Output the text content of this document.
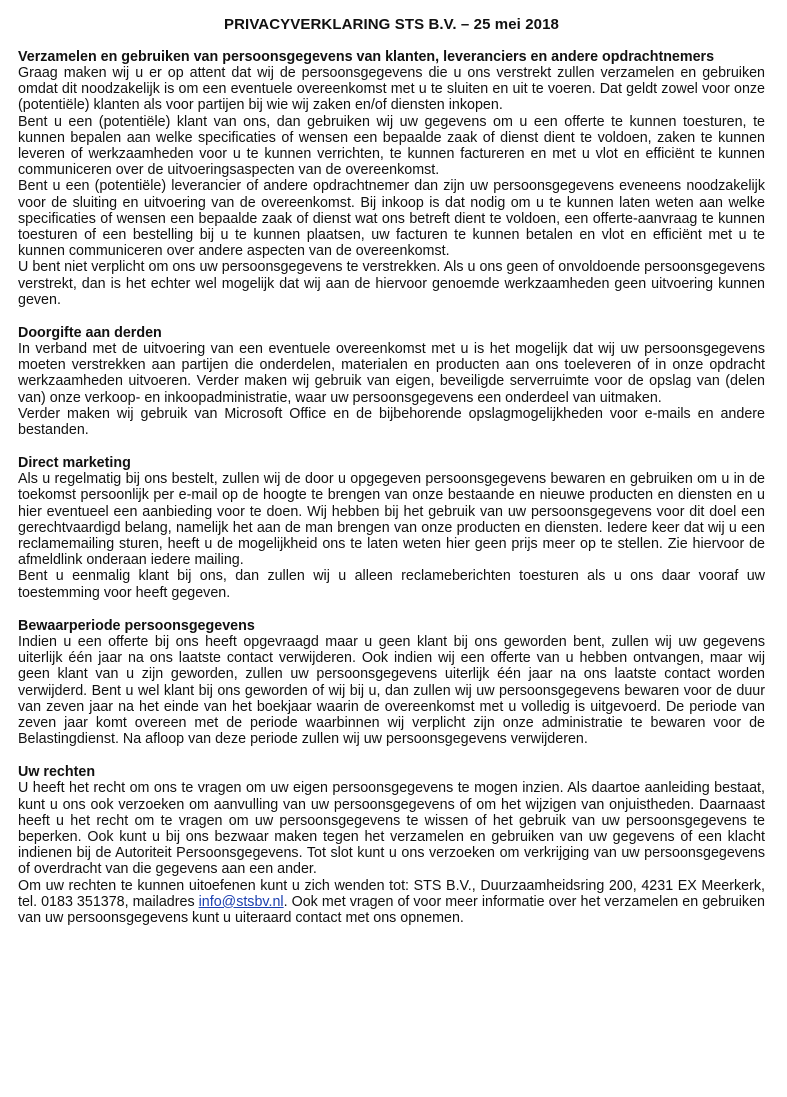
PRIVACYVERKLARING STS B.V. – 25 mei 2018
Verzamelen en gebruiken van persoonsgegevens van klanten, leveranciers en andere opdrachtnemers

Graag maken wij u er op attent dat wij de persoonsgegevens die u ons verstrekt zullen verzamelen en gebruiken omdat dit noodzakelijk is om een eventuele overeenkomst met u te sluiten en uit te voeren. Dat geldt zowel voor onze (potentiële) klanten als voor partijen bij wie wij zaken en/of diensten inkopen.

Bent u een (potentiële) klant van ons, dan gebruiken wij uw gegevens om u een offerte te kunnen toesturen, te kunnen bepalen aan welke specificaties of wensen een bepaalde zaak of dienst dient te voldoen, zaken te kunnen leveren of werkzaamheden voor u te kunnen verrichten, te kunnen factureren en met u vlot en efficiënt te kunnen communiceren over de uitvoeringsaspecten van de overeenkomst.

Bent u een (potentiële) leverancier of andere opdrachtnemer dan zijn uw persoonsgegevens eveneens noodzakelijk voor de sluiting en uitvoering van de overeenkomst. Bij inkoop is dat nodig om u te kunnen laten weten aan welke specificaties of wensen een bepaalde zaak of dienst wat ons betreft dient te voldoen, een offerte-aanvraag te kunnen toesturen of een bestelling bij u te kunnen plaatsen, uw facturen te kunnen betalen en vlot en efficiënt met u te kunnen communiceren over andere aspecten van de overeenkomst.

U bent niet verplicht om ons uw persoonsgegevens te verstrekken. Als u ons geen of onvoldoende persoonsgegevens verstrekt, dan is het echter wel mogelijk dat wij aan de hiervoor genoemde werkzaamheden geen uitvoering kunnen geven.

Doorgifte aan derden

In verband met de uitvoering van een eventuele overeenkomst met u is het mogelijk dat wij uw persoonsgegevens moeten verstrekken aan partijen die onderdelen, materialen en producten aan ons toeleveren of in onze opdracht werkzaamheden uitvoeren. Verder maken wij gebruik van eigen, beveiligde serverruimte voor de opslag van (delen van) onze verkoop- en inkoopadministratie, waar uw persoonsgegevens een onderdeel van uitmaken.

Verder maken wij gebruik van Microsoft Office en de bijbehorende opslagmogelijkheden voor e-mails en andere bestanden.

Direct marketing

Als u regelmatig bij ons bestelt, zullen wij de door u opgegeven persoonsgegevens bewaren en gebruiken om u in de toekomst persoonlijk per e-mail op de hoogte te brengen van onze bestaande en nieuwe producten en diensten en u hier eventueel een aanbieding voor te doen. Wij hebben bij het gebruik van uw persoonsgegevens voor dit doel een gerechtvaardigd belang, namelijk het aan de man brengen van onze producten en diensten. Iedere keer dat wij u een reclamemailing sturen, heeft u de mogelijkheid ons te laten weten hier geen prijs meer op te stellen. Zie hiervoor de afmeldlink onderaan iedere mailing.

Bent u eenmalig klant bij ons, dan zullen wij u alleen reclameberichten toesturen als u ons daar vooraf uw toestemming voor heeft gegeven.

Bewaarperiode persoonsgegevens

Indien u een offerte bij ons heeft opgevraagd maar u geen klant bij ons geworden bent, zullen wij uw gegevens uiterlijk één jaar na ons laatste contact verwijderen. Ook indien wij een offerte van u hebben ontvangen, maar wij geen klant van u zijn geworden, zullen uw persoonsgegevens uiterlijk één jaar na ons laatste contact worden verwijderd. Bent u wel klant bij ons geworden of wij bij u, dan zullen wij uw persoonsgegevens bewaren voor de duur van zeven jaar na het einde van het boekjaar waarin de overeenkomst met u volledig is uitgevoerd. De periode van zeven jaar komt overeen met de periode waarbinnen wij verplicht zijn onze administratie te bewaren voor de Belastingdienst. Na afloop van deze periode zullen wij uw persoonsgegevens verwijderen.

Uw rechten

U heeft het recht om ons te vragen om uw eigen persoonsgegevens te mogen inzien. Als daartoe aanleiding bestaat, kunt u ons ook verzoeken om aanvulling van uw persoonsgegevens of om het wijzigen van onjuistheden. Daarnaast heeft u het recht om te vragen om uw persoonsgegevens te wissen of het gebruik van uw persoonsgegevens te beperken. Ook kunt u bij ons bezwaar maken tegen het verzamelen en gebruiken van uw gegevens of een klacht indienen bij de Autoriteit Persoonsgegevens. Tot slot kunt u ons verzoeken om verkrijging van uw persoonsgegevens of overdracht van die gegevens aan een ander.

Om uw rechten te kunnen uitoefenen kunt u zich wenden tot: STS B.V., Duurzaamheidsring 200, 4231 EX Meerkerk, tel. 0183 351378, mailadres info@stsbv.nl. Ook met vragen of voor meer informatie over het verzamelen en gebruiken van uw persoonsgegevens kunt u uiteraard contact met ons opnemen.
